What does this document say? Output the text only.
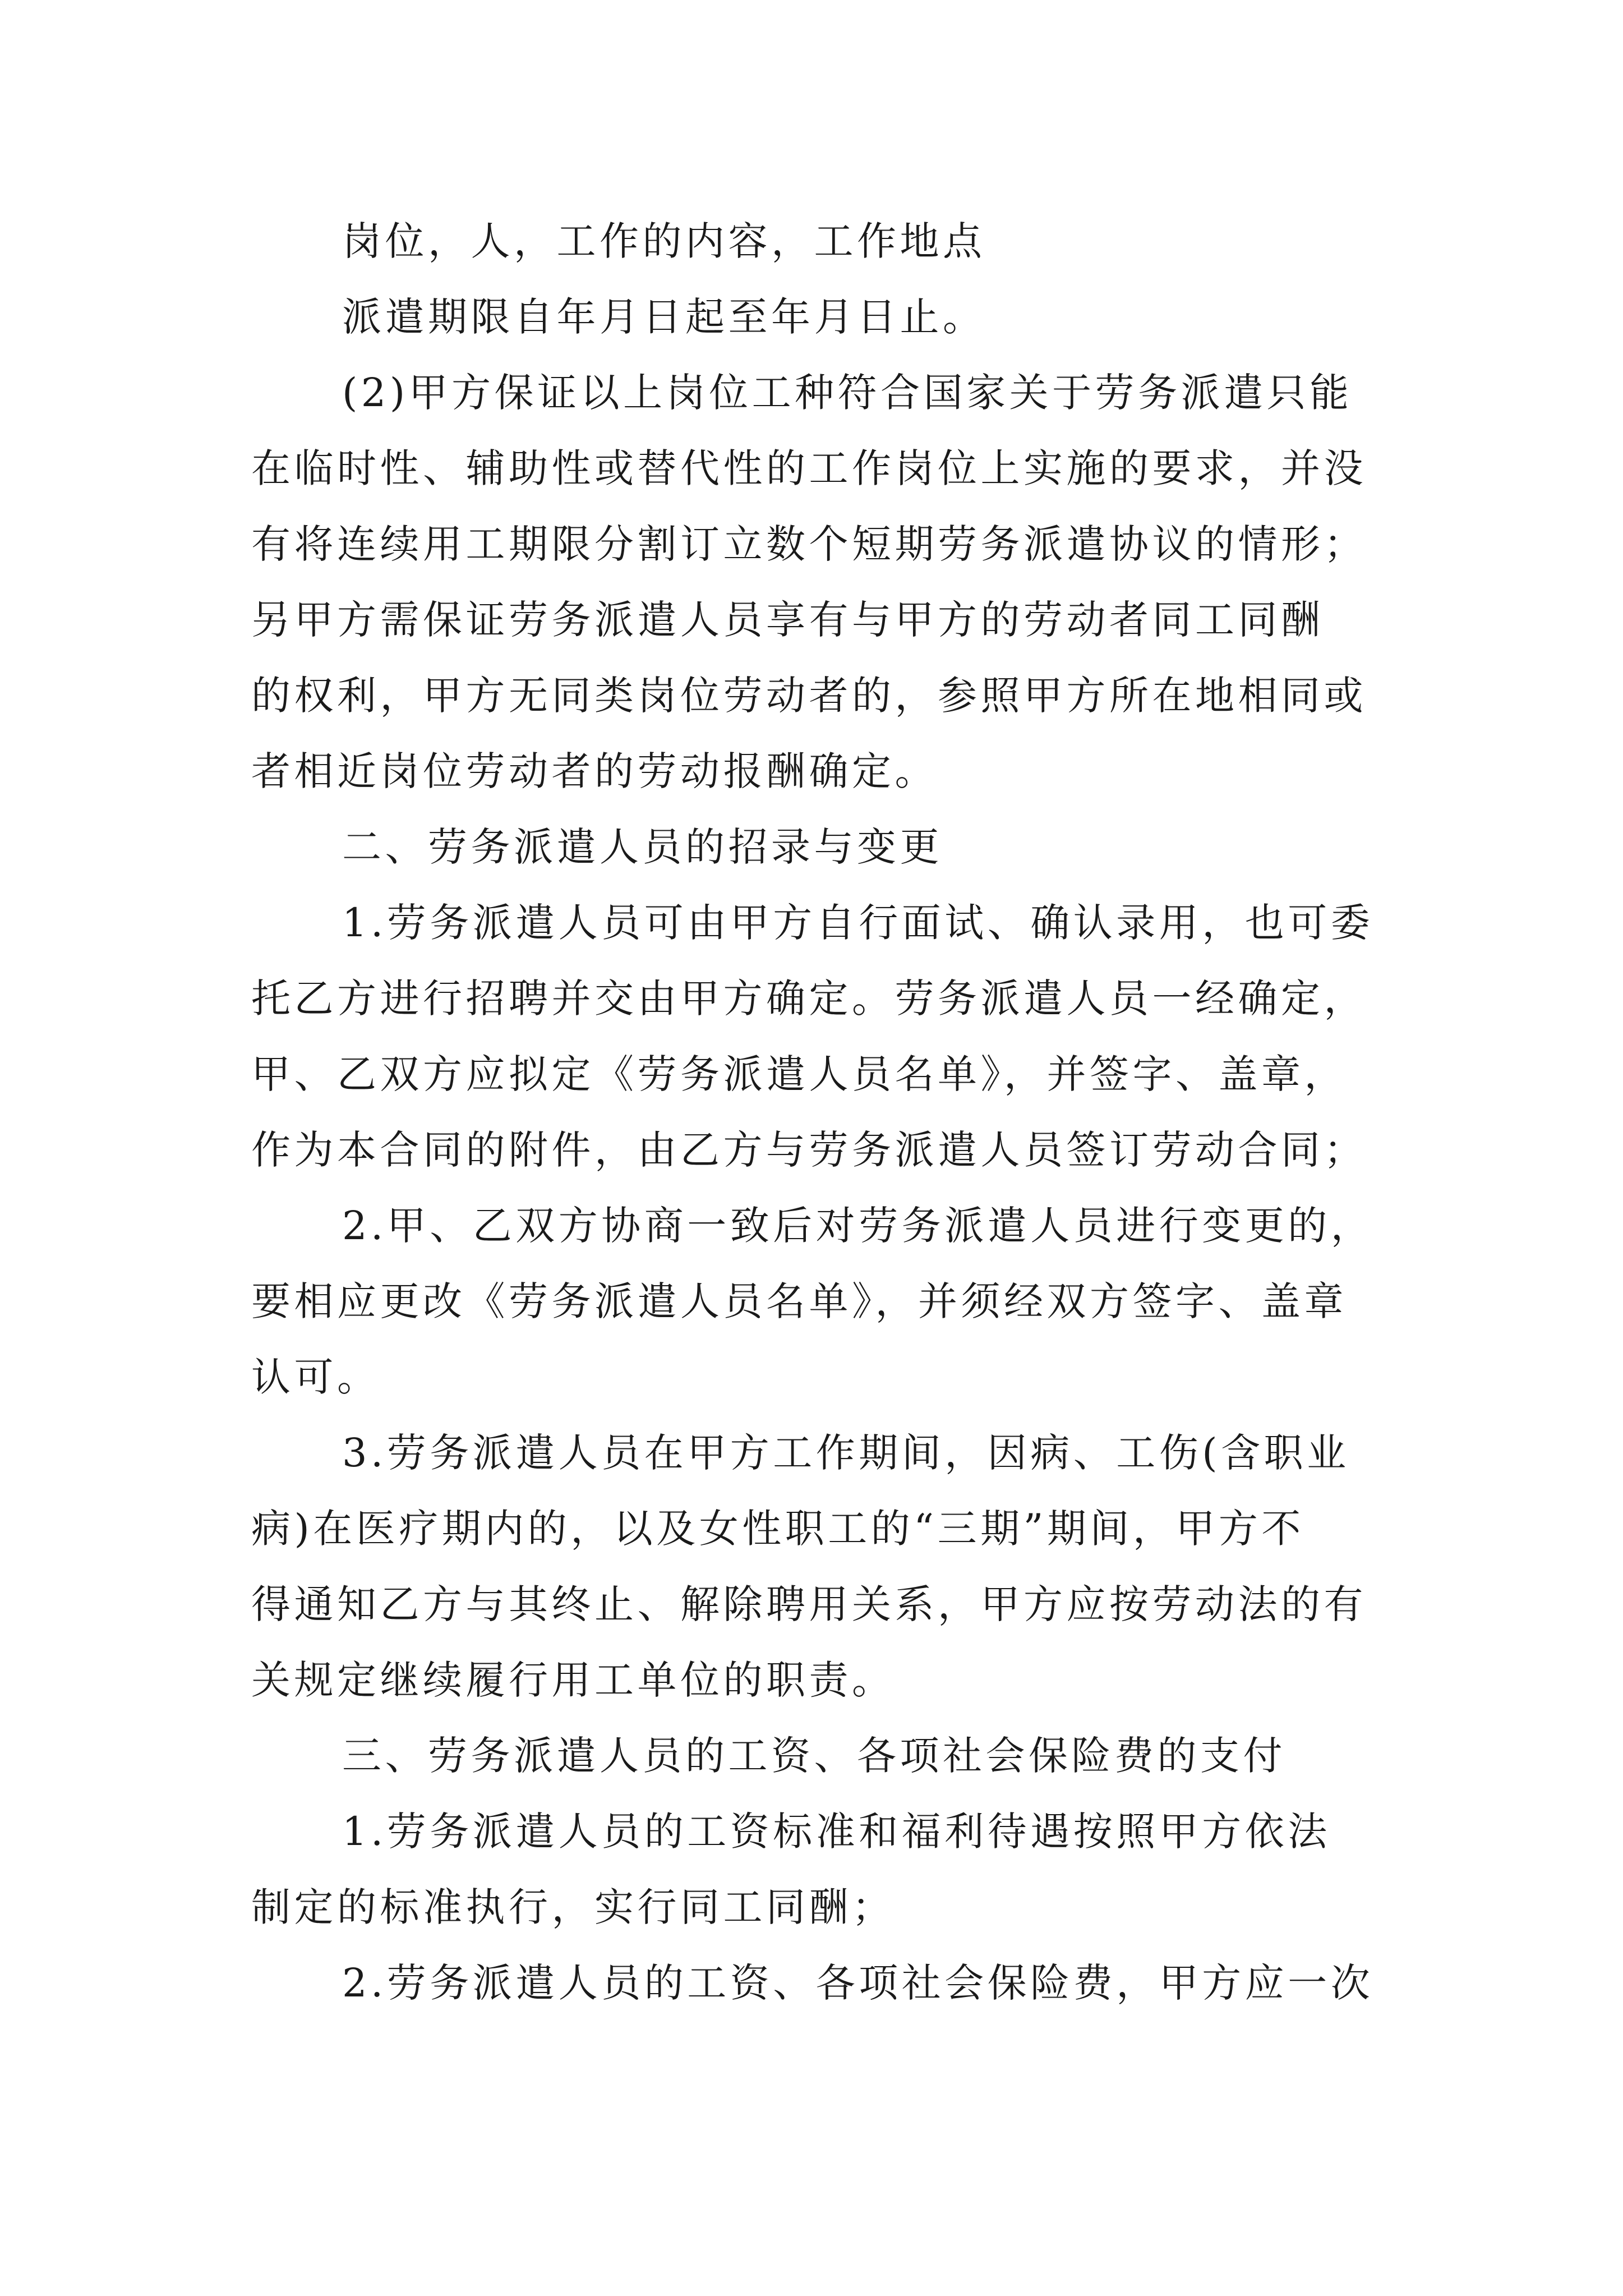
岗位，人，工作的内容，工作地点
派遣期限自年月日起至年月日止。
(2)甲方保证以上岗位工种符合国家关于劳务派遣只能
在临时性、辅助性或替代性的工作岗位上实施的要求，并没
有将连续用工期限分割订立数个短期劳务派遣协议的情形；
另甲方需保证劳务派遣人员享有与甲方的劳动者同工同酬
的权利，甲方无同类岗位劳动者的，参照甲方所在地相同或
者相近岗位劳动者的劳动报酬确定。
二、劳务派遣人员的招录与变更
1.劳务派遣人员可由甲方自行面试、确认录用，也可委
托乙方进行招聘并交由甲方确定。劳务派遣人员一经确定，
甲、乙双方应拟定《劳务派遣人员名单》，并签字、盖章，
作为本合同的附件，由乙方与劳务派遣人员签订劳动合同；
2.甲、乙双方协商一致后对劳务派遣人员进行变更的，
要相应更改《劳务派遣人员名单》，并须经双方签字、盖章
认可。
3.劳务派遣人员在甲方工作期间，因病、工伤(含职业
病)在医疗期内的，以及女性职工的“三期”期间，甲方不
得通知乙方与其终止、解除聘用关系，甲方应按劳动法的有
关规定继续履行用工单位的职责。
三、劳务派遣人员的工资、各项社会保险费的支付
1.劳务派遣人员的工资标准和福利待遇按照甲方依法
制定的标准执行，实行同工同酬；
2.劳务派遣人员的工资、各项社会保险费，甲方应一次
